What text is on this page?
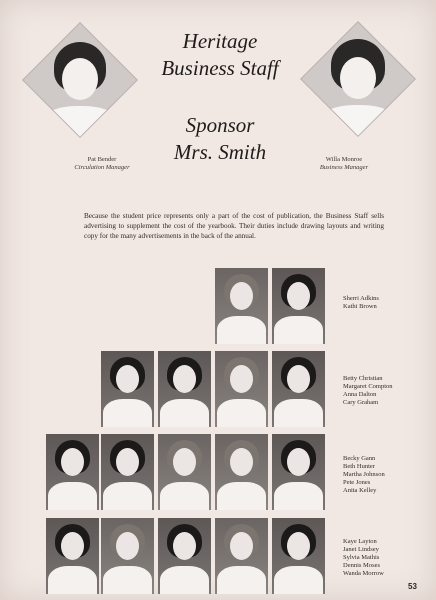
Pat Bender
Circulation Manager
Willa Monroe
Business Manager
Heritage
Business Staff
Sponsor
Mrs. Smith
Because the student price represents only a part of the cost of publication, the Business Staff sells advertising to supplement the cost of the yearbook. Their duties include drawing layouts and writing copy for the many advertisements in the back of the annual.
Sherri Adkins
Kathi Brown
Betty Christian
Margaret Compton
Anna Dalton
Cary Graham
Becky Gann
Beth Hunter
Martha Johnson
Pete Jones
Anita Kelley
Kaye Layton
Janet Lindsey
Sylvia Mathis
Dennis Moses
Wanda Morrow
53
